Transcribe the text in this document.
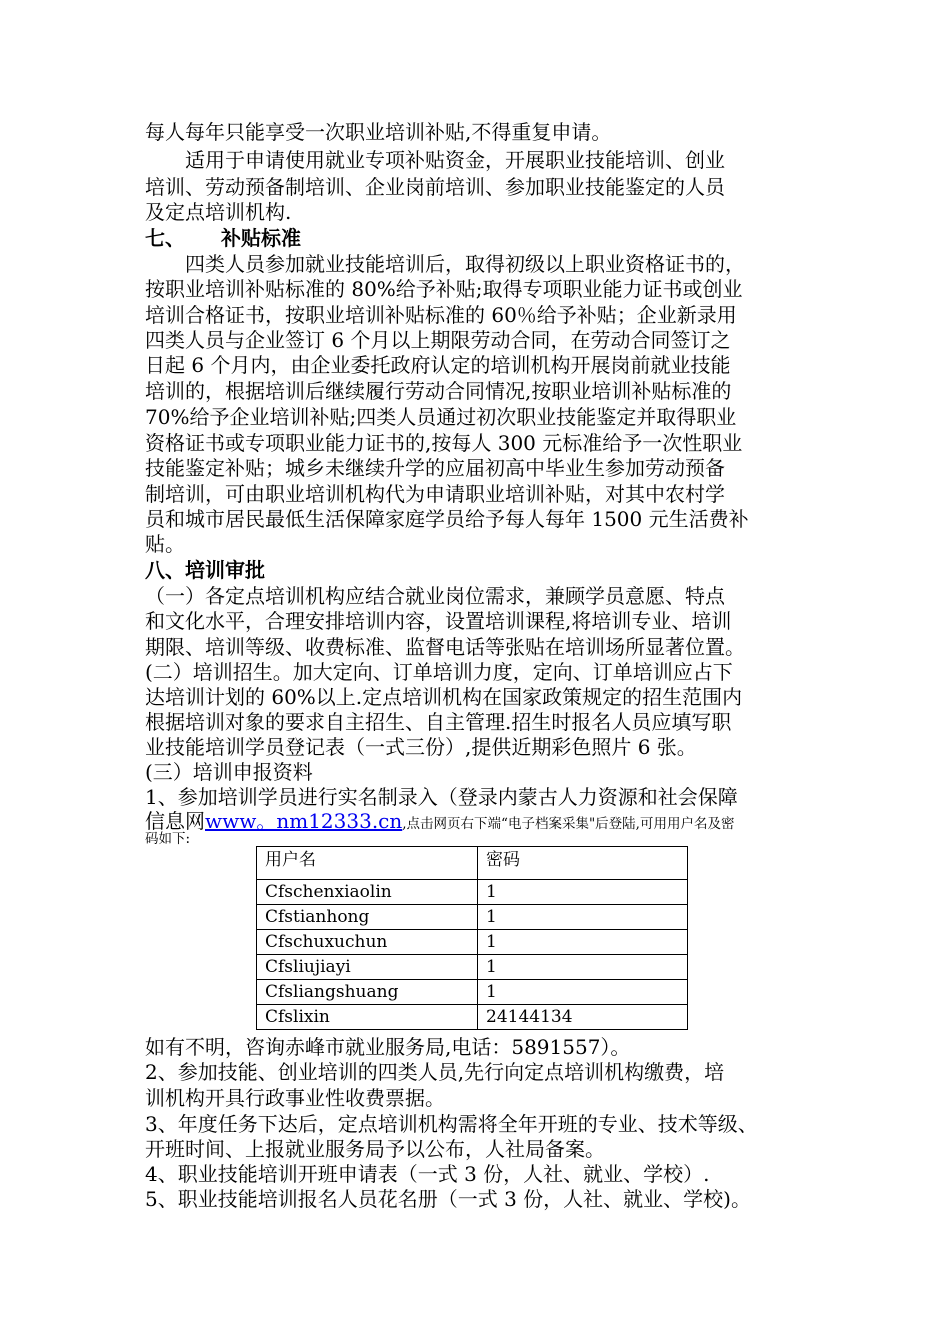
每人每年只能享受一次职业培训补贴,不得重复申请。
适用于申请使用就业专项补贴资金，开展职业技能培训、创业
培训、劳动预备制培训、企业岗前培训、参加职业技能鉴定的人员
及定点培训机构.
七、 补贴标准
四类人员参加就业技能培训后，取得初级以上职业资格证书的，
按职业培训补贴标准的 80%给予补贴;取得专项职业能力证书或创业
培训合格证书，按职业培训补贴标准的 60％给予补贴；企业新录用
四类人员与企业签订 6 个月以上期限劳动合同，在劳动合同签订之
日起 6 个月内，由企业委托政府认定的培训机构开展岗前就业技能
培训的，根据培训后继续履行劳动合同情况,按职业培训补贴标准的
70%给予企业培训补贴;四类人员通过初次职业技能鉴定并取得职业
资格证书或专项职业能力证书的,按每人 300 元标准给予一次性职业
技能鉴定补贴；城乡未继续升学的应届初高中毕业生参加劳动预备
制培训，可由职业培训机构代为申请职业培训补贴，对其中农村学
员和城市居民最低生活保障家庭学员给予每人每年 1500 元生活费补
贴。
八、培训审批
（一）各定点培训机构应结合就业岗位需求，兼顾学员意愿、特点
和文化水平，合理安排培训内容，设置培训课程,将培训专业、培训
期限、培训等级、收费标准、监督电话等张贴在培训场所显著位置。
(二）培训招生。加大定向、订单培训力度，定向、订单培训应占下
达培训计划的 60%以上.定点培训机构在国家政策规定的招生范围内
根据培训对象的要求自主招生、自主管理.招生时报名人员应填写职
业技能培训学员登记表（一式三份）,提供近期彩色照片 6 张。
(三）培训申报资料
1、参加培训学员进行实名制录入（登录内蒙古人力资源和社会保障
信息网www。nm12333.cn,点击网页右下端“电子档案采集"后登陆,可用用户名及密
码如下:
用户名	密码
Cfschenxiaolin	1
Cfstianhong	1
Cfschuxuchun	1
Cfsliujiayi	1
Cfsliangshuang	1
Cfslixin	24144134
如有不明，咨询赤峰市就业服务局,电话：5891557）。
2、参加技能、创业培训的四类人员,先行向定点培训机构缴费，培
训机构开具行政事业性收费票据。
3、年度任务下达后，定点培训机构需将全年开班的专业、技术等级、
开班时间、上报就业服务局予以公布，人社局备案。
4、职业技能培训开班申请表（一式 3 份，人社、就业、学校）.
5、职业技能培训报名人员花名册（一式 3 份，人社、就业、学校)。
